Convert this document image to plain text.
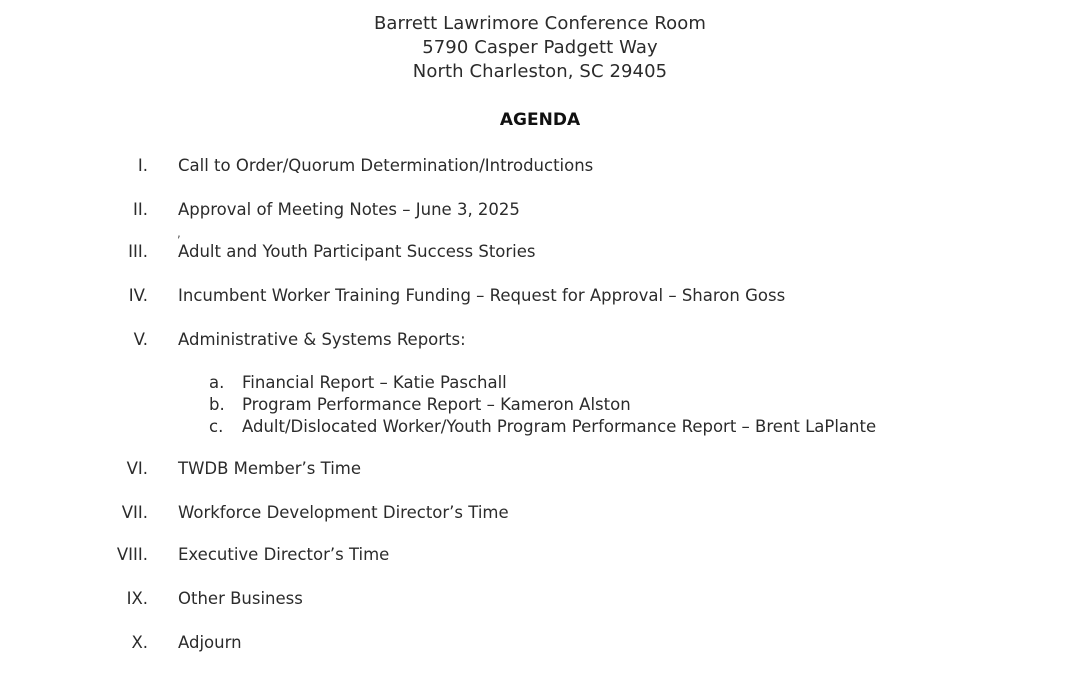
Barrett Lawrimore Conference Room
5790 Casper Padgett Way
North Charleston, SC 29405
AGENDA
I. Call to Order/Quorum Determination/Introductions
II. Approval of Meeting Notes – June 3, 2025
,
III. Adult and Youth Participant Success Stories
IV. Incumbent Worker Training Funding – Request for Approval – Sharon Goss
V. Administrative & Systems Reports:
a. Financial Report – Katie Paschall
b. Program Performance Report – Kameron Alston
c. Adult/Dislocated Worker/Youth Program Performance Report – Brent LaPlante
VI. TWDB Member’s Time
VII. Workforce Development Director’s Time
VIII. Executive Director’s Time
IX. Other Business
X. Adjourn
